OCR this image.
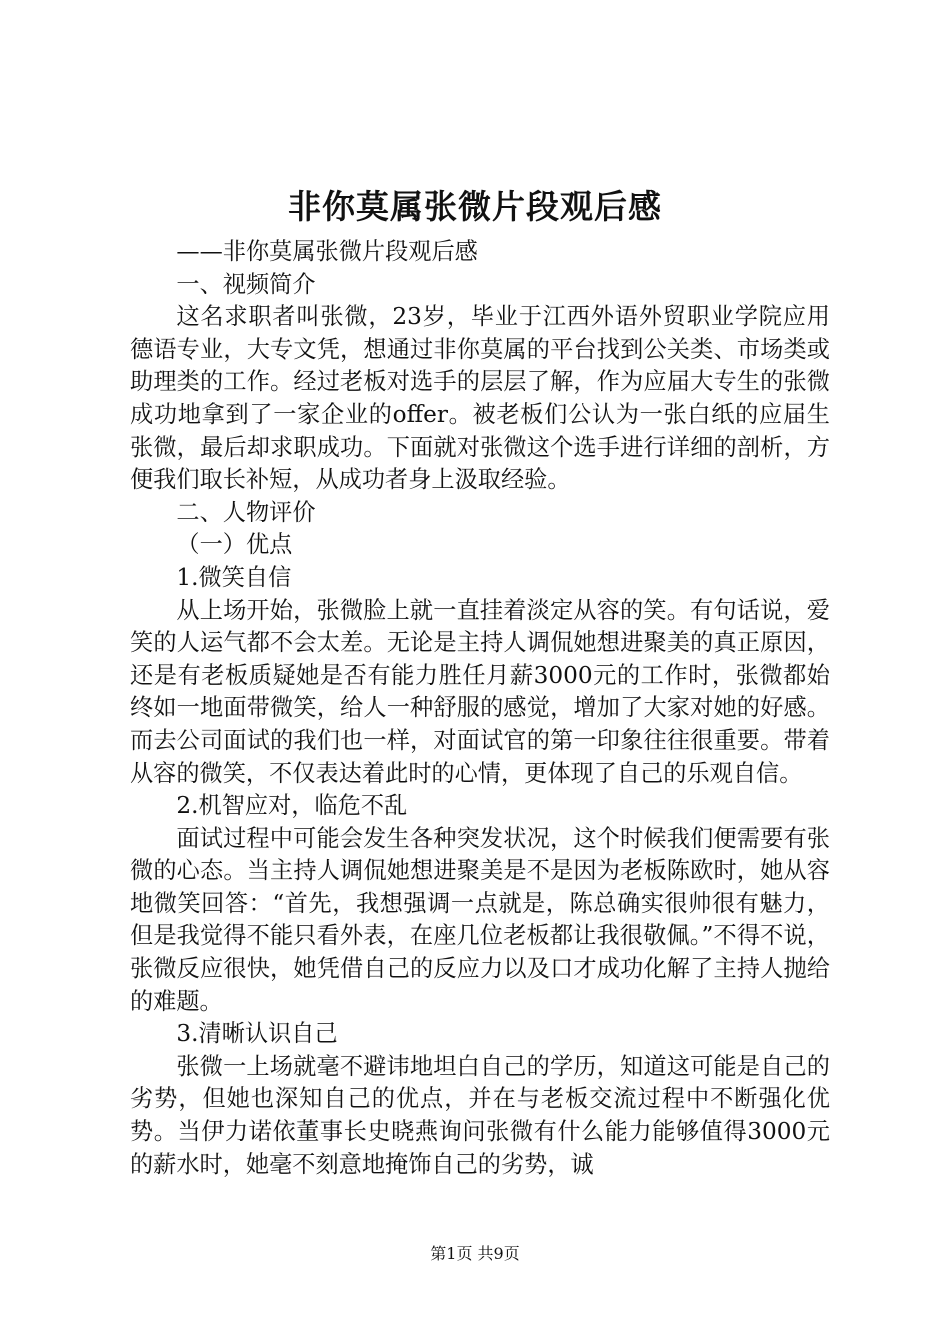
非你莫属张微片段观后感

——非你莫属张微片段观后感

一、视频简介

这名求职者叫张微，23岁，毕业于江西外语外贸职业学院应用德语专业，大专文凭，想通过非你莫属的平台找到公关类、市场类或助理类的工作。经过老板对选手的层层了解，作为应届大专生的张微成功地拿到了一家企业的offer。被老板们公认为一张白纸的应届生张微，最后却求职成功。下面就对张微这个选手进行详细的剖析，方便我们取长补短，从成功者身上汲取经验。

二、人物评价

（一）优点

1.微笑自信

从上场开始，张微脸上就一直挂着淡定从容的笑。有句话说，爱笑的人运气都不会太差。无论是主持人调侃她想进聚美的真正原因，还是有老板质疑她是否有能力胜任月薪3000元的工作时，张微都始终如一地面带微笑，给人一种舒服的感觉，增加了大家对她的好感。而去公司面试的我们也一样，对面试官的第一印象往往很重要。带着从容的微笑，不仅表达着此时的心情，更体现了自己的乐观自信。

2.机智应对，临危不乱

面试过程中可能会发生各种突发状况，这个时候我们便需要有张微的心态。当主持人调侃她想进聚美是不是因为老板陈欧时，她从容地微笑回答：“首先，我想强调一点就是，陈总确实很帅很有魅力，但是我觉得不能只看外表，在座几位老板都让我很敬佩。”不得不说，张微反应很快，她凭借自己的反应力以及口才成功化解了主持人抛给的难题。

3.清晰认识自己

张微一上场就毫不避讳地坦白自己的学历，知道这可能是自己的劣势，但她也深知自己的优点，并在与老板交流过程中不断强化优势。当伊力诺依董事长史晓燕询问张微有什么能力能够值得3000元的薪水时，她毫不刻意地掩饰自己的劣势，诚

第1页 共9页
